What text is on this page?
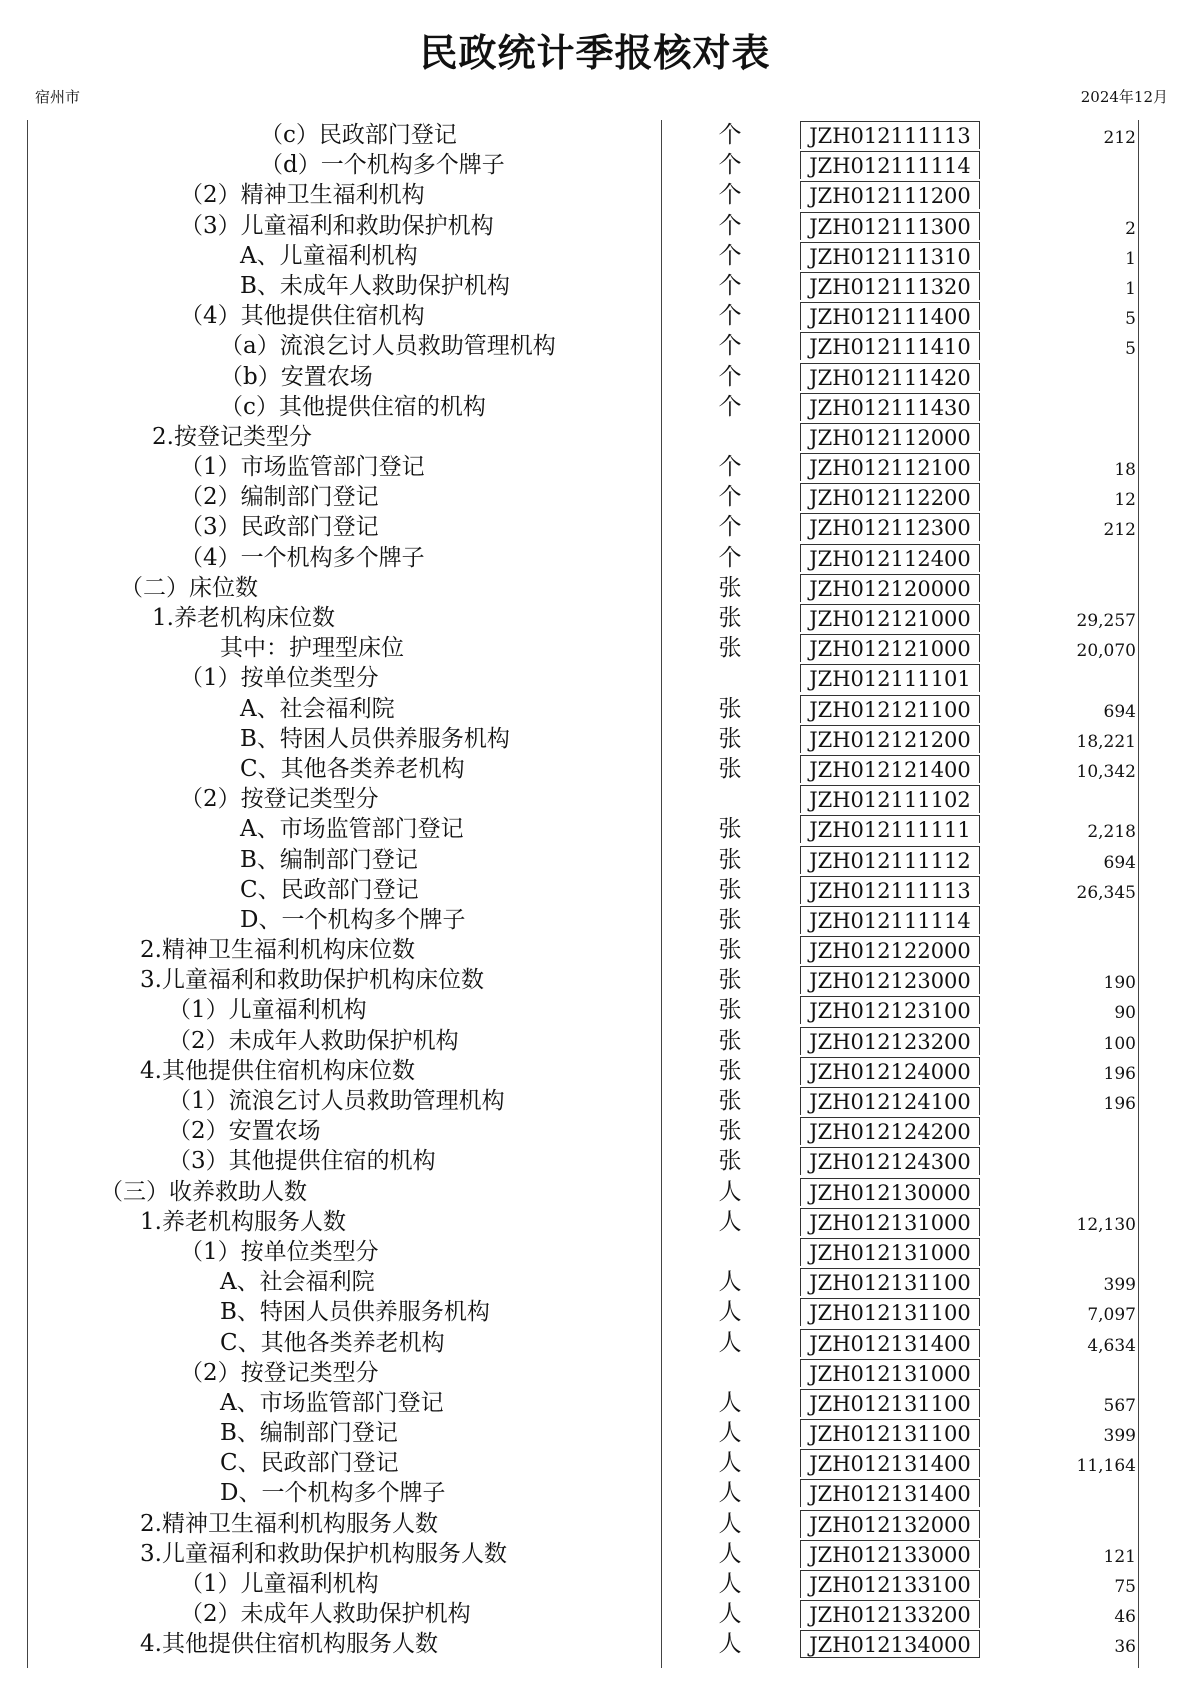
民政统计季报核对表
宿州市	2024年12月
（c）民政部门登记	个	JZH012111113	212
（d）一个机构多个牌子	个	JZH012111114
（2）精神卫生福利机构	个	JZH012111200
（3）儿童福利和救助保护机构	个	JZH012111300	2
A、儿童福利机构	个	JZH012111310	1
B、未成年人救助保护机构	个	JZH012111320	1
（4）其他提供住宿机构	个	JZH012111400	5
（a）流浪乞讨人员救助管理机构	个	JZH012111410	5
（b）安置农场	个	JZH012111420
（c）其他提供住宿的机构	个	JZH012111430
2.按登记类型分	JZH012112000
（1）市场监管部门登记	个	JZH012112100	18
（2）编制部门登记	个	JZH012112200	12
（3）民政部门登记	个	JZH012112300	212
（4）一个机构多个牌子	个	JZH012112400
（二）床位数	张	JZH012120000
1.养老机构床位数	张	JZH012121000	29,257
其中：护理型床位	张	JZH012121000	20,070
（1）按单位类型分	JZH012111101
A、社会福利院	张	JZH012121100	694
B、特困人员供养服务机构	张	JZH012121200	18,221
C、其他各类养老机构	张	JZH012121400	10,342
（2）按登记类型分	JZH012111102
A、市场监管部门登记	张	JZH012111111	2,218
B、编制部门登记	张	JZH012111112	694
C、民政部门登记	张	JZH012111113	26,345
D、一个机构多个牌子	张	JZH012111114
2.精神卫生福利机构床位数	张	JZH012122000
3.儿童福利和救助保护机构床位数	张	JZH012123000	190
（1）儿童福利机构	张	JZH012123100	90
（2）未成年人救助保护机构	张	JZH012123200	100
4.其他提供住宿机构床位数	张	JZH012124000	196
（1）流浪乞讨人员救助管理机构	张	JZH012124100	196
（2）安置农场	张	JZH012124200
（3）其他提供住宿的机构	张	JZH012124300
（三）收养救助人数	人	JZH012130000
1.养老机构服务人数	人	JZH012131000	12,130
（1）按单位类型分	JZH012131000
A、社会福利院	人	JZH012131100	399
B、特困人员供养服务机构	人	JZH012131100	7,097
C、其他各类养老机构	人	JZH012131400	4,634
（2）按登记类型分	JZH012131000
A、市场监管部门登记	人	JZH012131100	567
B、编制部门登记	人	JZH012131100	399
C、民政部门登记	人	JZH012131400	11,164
D、一个机构多个牌子	人	JZH012131400
2.精神卫生福利机构服务人数	人	JZH012132000
3.儿童福利和救助保护机构服务人数	人	JZH012133000	121
（1）儿童福利机构	人	JZH012133100	75
（2）未成年人救助保护机构	人	JZH012133200	46
4.其他提供住宿机构服务人数	人	JZH012134000	36
